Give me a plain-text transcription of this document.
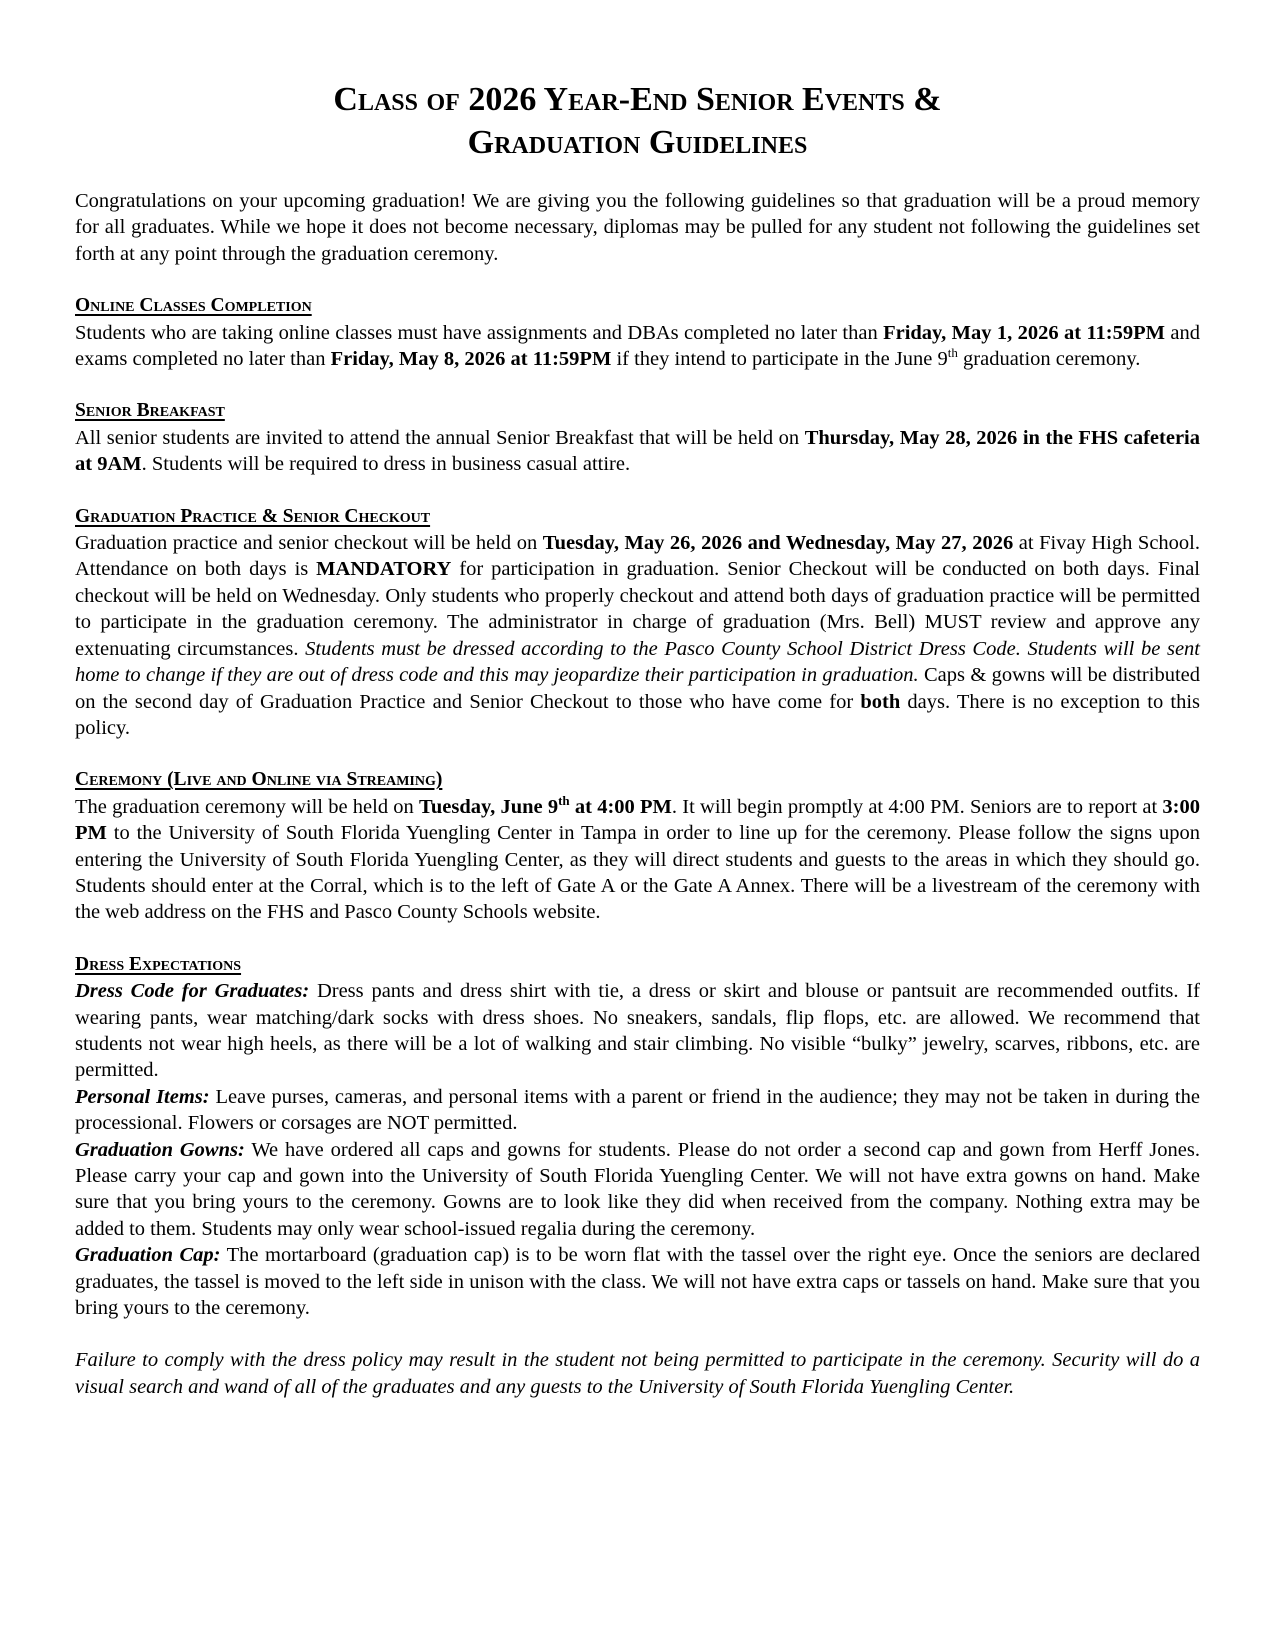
Class of 2026 Year-End Senior Events &
Graduation Guidelines

Congratulations on your upcoming graduation! We are giving you the following guidelines so that graduation will be a proud memory for all graduates. While we hope it does not become necessary, diplomas may be pulled for any student not following the guidelines set forth at any point through the graduation ceremony.

Online Classes Completion

Students who are taking online classes must have assignments and DBAs completed no later than Friday, May 1, 2026 at 11:59PM and exams completed no later than Friday, May 8, 2026 at 11:59PM if they intend to participate in the June 9th graduation ceremony.

Senior Breakfast

All senior students are invited to attend the annual Senior Breakfast that will be held on Thursday, May 28, 2026 in the FHS cafeteria at 9AM. Students will be required to dress in business casual attire.

Graduation Practice & Senior Checkout

Graduation practice and senior checkout will be held on Tuesday, May 26, 2026 and Wednesday, May 27, 2026 at Fivay High School. Attendance on both days is MANDATORY for participation in graduation. Senior Checkout will be conducted on both days. Final checkout will be held on Wednesday. Only students who properly checkout and attend both days of graduation practice will be permitted to participate in the graduation ceremony. The administrator in charge of graduation (Mrs. Bell) MUST review and approve any extenuating circumstances. Students must be dressed according to the Pasco County School District Dress Code. Students will be sent home to change if they are out of dress code and this may jeopardize their participation in graduation. Caps & gowns will be distributed on the second day of Graduation Practice and Senior Checkout to those who have come for both days. There is no exception to this policy.

Ceremony (Live and Online via Streaming)

The graduation ceremony will be held on Tuesday, June 9th at 4:00 PM. It will begin promptly at 4:00 PM. Seniors are to report at 3:00 PM to the University of South Florida Yuengling Center in Tampa in order to line up for the ceremony. Please follow the signs upon entering the University of South Florida Yuengling Center, as they will direct students and guests to the areas in which they should go. Students should enter at the Corral, which is to the left of Gate A or the Gate A Annex. There will be a livestream of the ceremony with the web address on the FHS and Pasco County Schools website.

Dress Expectations

Dress Code for Graduates: Dress pants and dress shirt with tie, a dress or skirt and blouse or pantsuit are recommended outfits. If wearing pants, wear matching/dark socks with dress shoes. No sneakers, sandals, flip flops, etc. are allowed. We recommend that students not wear high heels, as there will be a lot of walking and stair climbing. No visible “bulky” jewelry, scarves, ribbons, etc. are permitted.

Personal Items: Leave purses, cameras, and personal items with a parent or friend in the audience; they may not be taken in during the processional. Flowers or corsages are NOT permitted.

Graduation Gowns: We have ordered all caps and gowns for students. Please do not order a second cap and gown from Herff Jones. Please carry your cap and gown into the University of South Florida Yuengling Center. We will not have extra gowns on hand. Make sure that you bring yours to the ceremony. Gowns are to look like they did when received from the company. Nothing extra may be added to them. Students may only wear school-issued regalia during the ceremony.

Graduation Cap: The mortarboard (graduation cap) is to be worn flat with the tassel over the right eye. Once the seniors are declared graduates, the tassel is moved to the left side in unison with the class. We will not have extra caps or tassels on hand. Make sure that you bring yours to the ceremony.

Failure to comply with the dress policy may result in the student not being permitted to participate in the ceremony. Security will do a visual search and wand of all of the graduates and any guests to the University of South Florida Yuengling Center.
